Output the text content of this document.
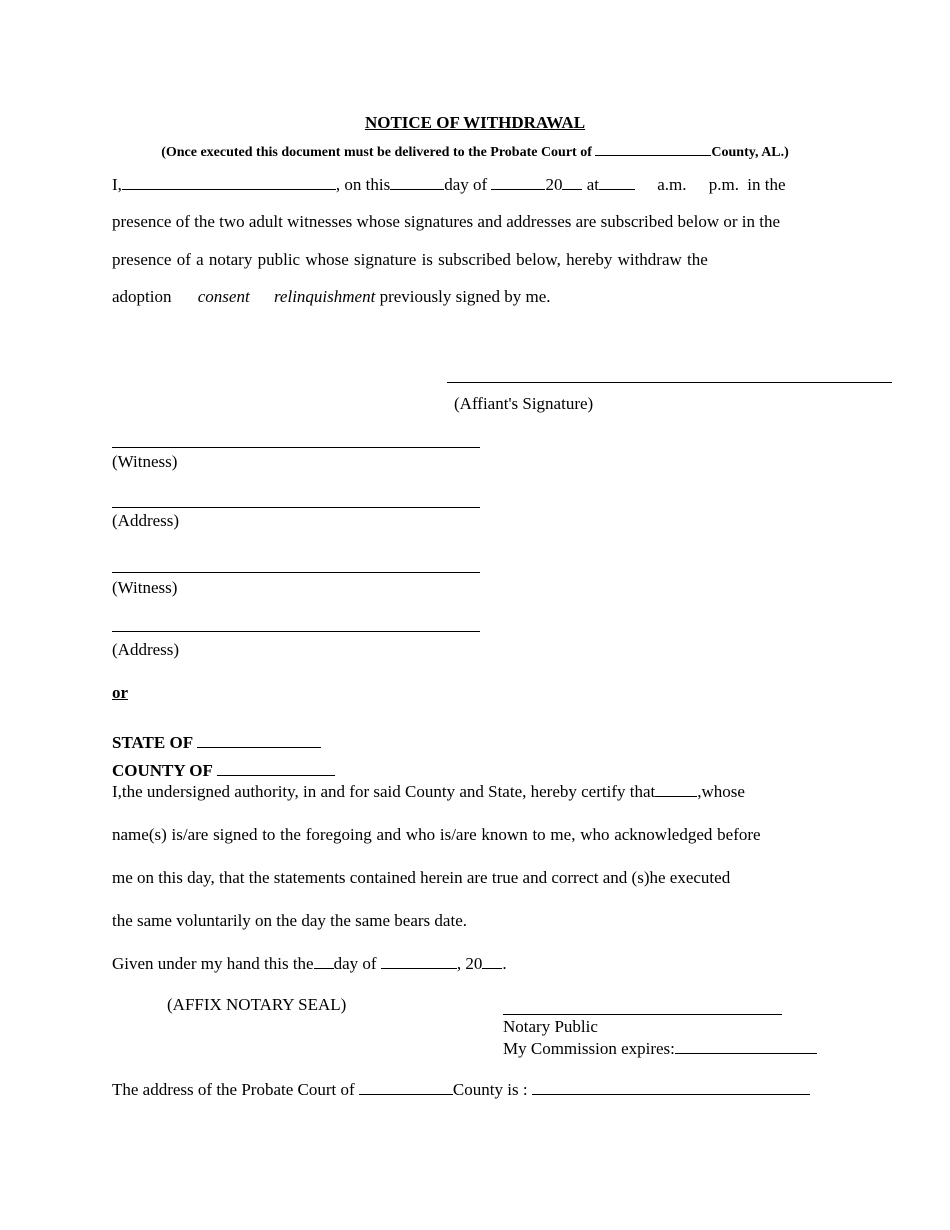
NOTICE OF WITHDRAWAL
(Once executed this document must be delivered to the Probate Court of	County, AL.)
I,	, on this	day of	20 at	a.m. p.m. in the
presence of the two adult witnesses whose signatures and addresses are subscribed below or in the
presence of a notary public whose signature is subscribed below, hereby withdraw the
adoption consent relinquishment previously signed by me.
(Affiant's Signature)
(Witness)
(Address)
(Witness)
(Address)
or
STATE OF
COUNTY OF
I,the undersigned authority, in and for said County and State, hereby certify that ,whose
name(s) is/are signed to the foregoing and who is/are known to me, who acknowledged before
me on this day, that the statements contained herein are true and correct and (s)he executed
the same voluntarily on the day the same bears date.
Given under my hand this the day of	, 20 .
(AFFIX NOTARY SEAL)
Notary Public
My Commission expires:
The address of the Probate Court of	County is :
